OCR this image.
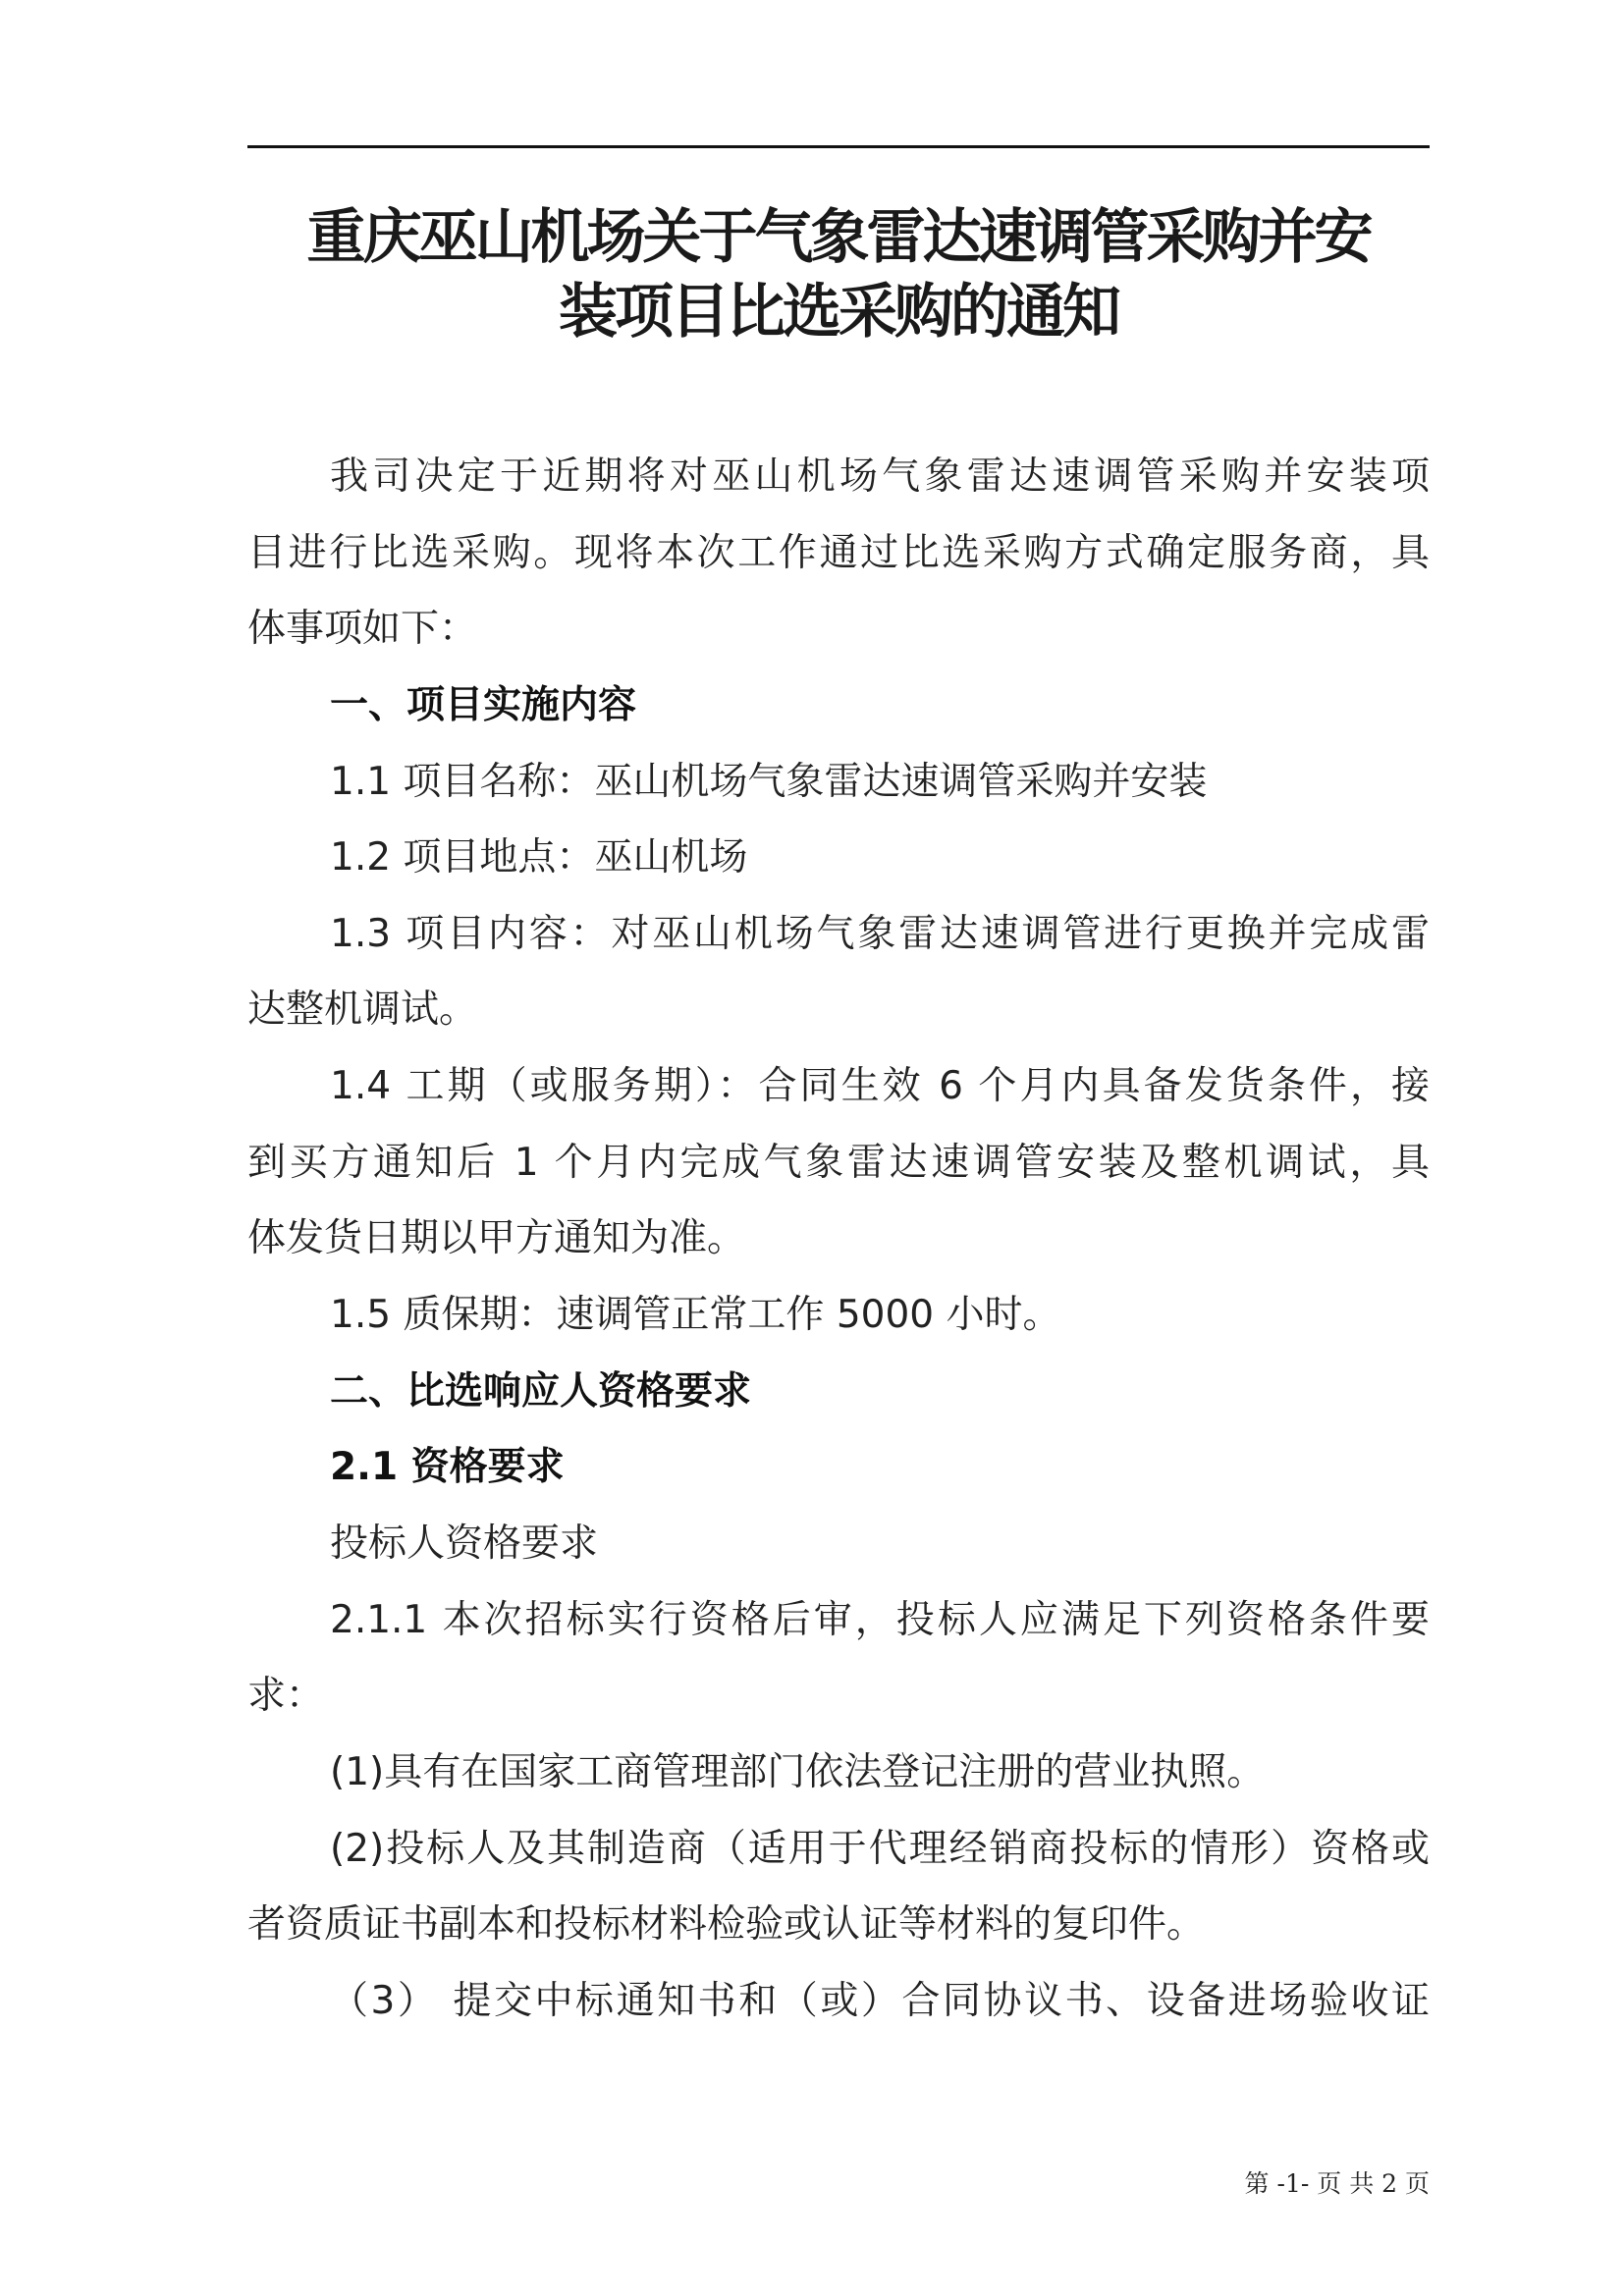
重庆巫山机场关于气象雷达速调管采购并安
装项目比选采购的通知
我司决定于近期将对巫山机场气象雷达速调管采购并安装项
目进行比选采购。现将本次工作通过比选采购方式确定服务商，具
体事项如下：
一、项目实施内容
1.1 项目名称：巫山机场气象雷达速调管采购并安装
1.2 项目地点：巫山机场
1.3 项目内容：对巫山机场气象雷达速调管进行更换并完成雷
达整机调试。
1.4 工期（或服务期）：合同生效 6 个月内具备发货条件，接
到买方通知后 1 个月内完成气象雷达速调管安装及整机调试，具
体发货日期以甲方通知为准。
1.5 质保期：速调管正常工作 5000 小时。
二、比选响应人资格要求
2.1 资格要求
投标人资格要求
2.1.1 本次招标实行资格后审，投标人应满足下列资格条件要
求：
(1)具有在国家工商管理部门依法登记注册的营业执照。
(2)投标人及其制造商（适用于代理经销商投标的情形）资格或
者资质证书副本和投标材料检验或认证等材料的复印件。
（3） 提交中标通知书和（或）合同协议书、设备进场验收证
第 -1- 页 共 2 页
